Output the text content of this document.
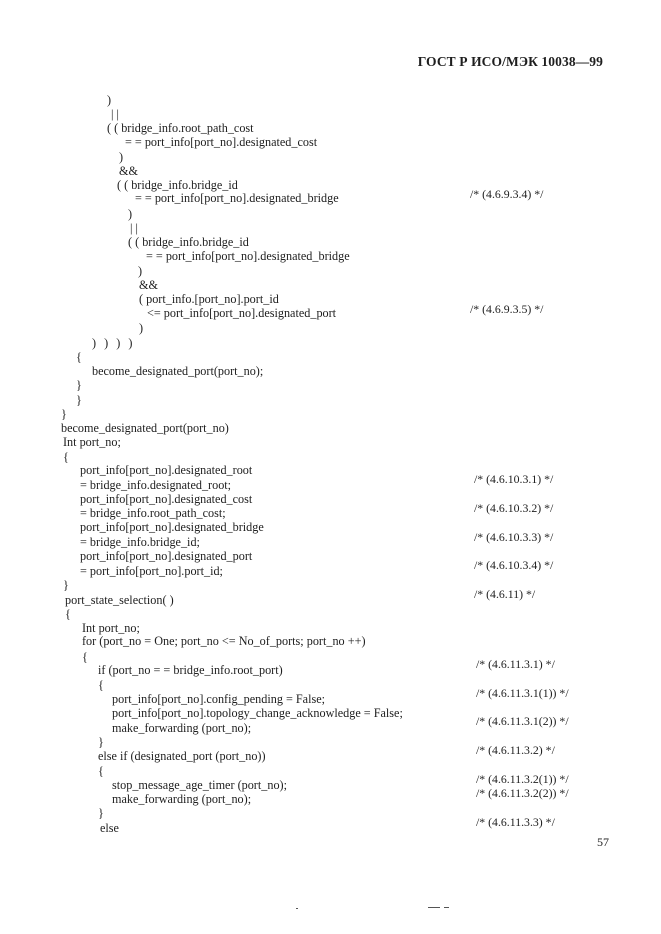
ГОСТ Р ИСО/МЭК 10038—99
)
| |
( ( bridge_info.root_path_cost
= = port_info[port_no].designated_cost
)
&&
( ( bridge_info.bridge_id
= = port_info[port_no].designated_bridge
)
| |
( ( bridge_info.bridge_id
= = port_info[port_no].designated_bridge
)
&&
( port_info.[port_no].port_id
<= port_info[port_no].designated_port
)
) ) ) )
{
become_designated_port(port_no);
}
}
}
become_designated_port(port_no)
Int port_no;
{
port_info[port_no].designated_root
= bridge_info.designated_root;
port_info[port_no].designated_cost
= bridge_info.root_path_cost;
port_info[port_no].designated_bridge
= bridge_info.bridge_id;
port_info[port_no].designated_port
= port_info[port_no].port_id;
}
port_state_selection( )
{
Int port_no;
for (port_no = One; port_no <= No_of_ports; port_no ++)
{
if (port_no = = bridge_info.root_port)
{
port_info[port_no].config_pending = False;
port_info[port_no].topology_change_acknowledge = False;
make_forwarding (port_no);
}
else if (designated_port (port_no))
{
stop_message_age_timer (port_no);
make_forwarding (port_no);
}
else
/* (4.6.9.3.4) */
/* (4.6.9.3.5) */
/* (4.6.10.3.1) */
/* (4.6.10.3.2) */
/* (4.6.10.3.3) */
/* (4.6.10.3.4) */
/* (4.6.11) */
/* (4.6.11.3.1) */
/* (4.6.11.3.1(1)) */
/* (4.6.11.3.1(2)) */
/* (4.6.11.3.2) */
/* (4.6.11.3.2(1)) */
/* (4.6.11.3.2(2)) */
/* (4.6.11.3.3) */
57
